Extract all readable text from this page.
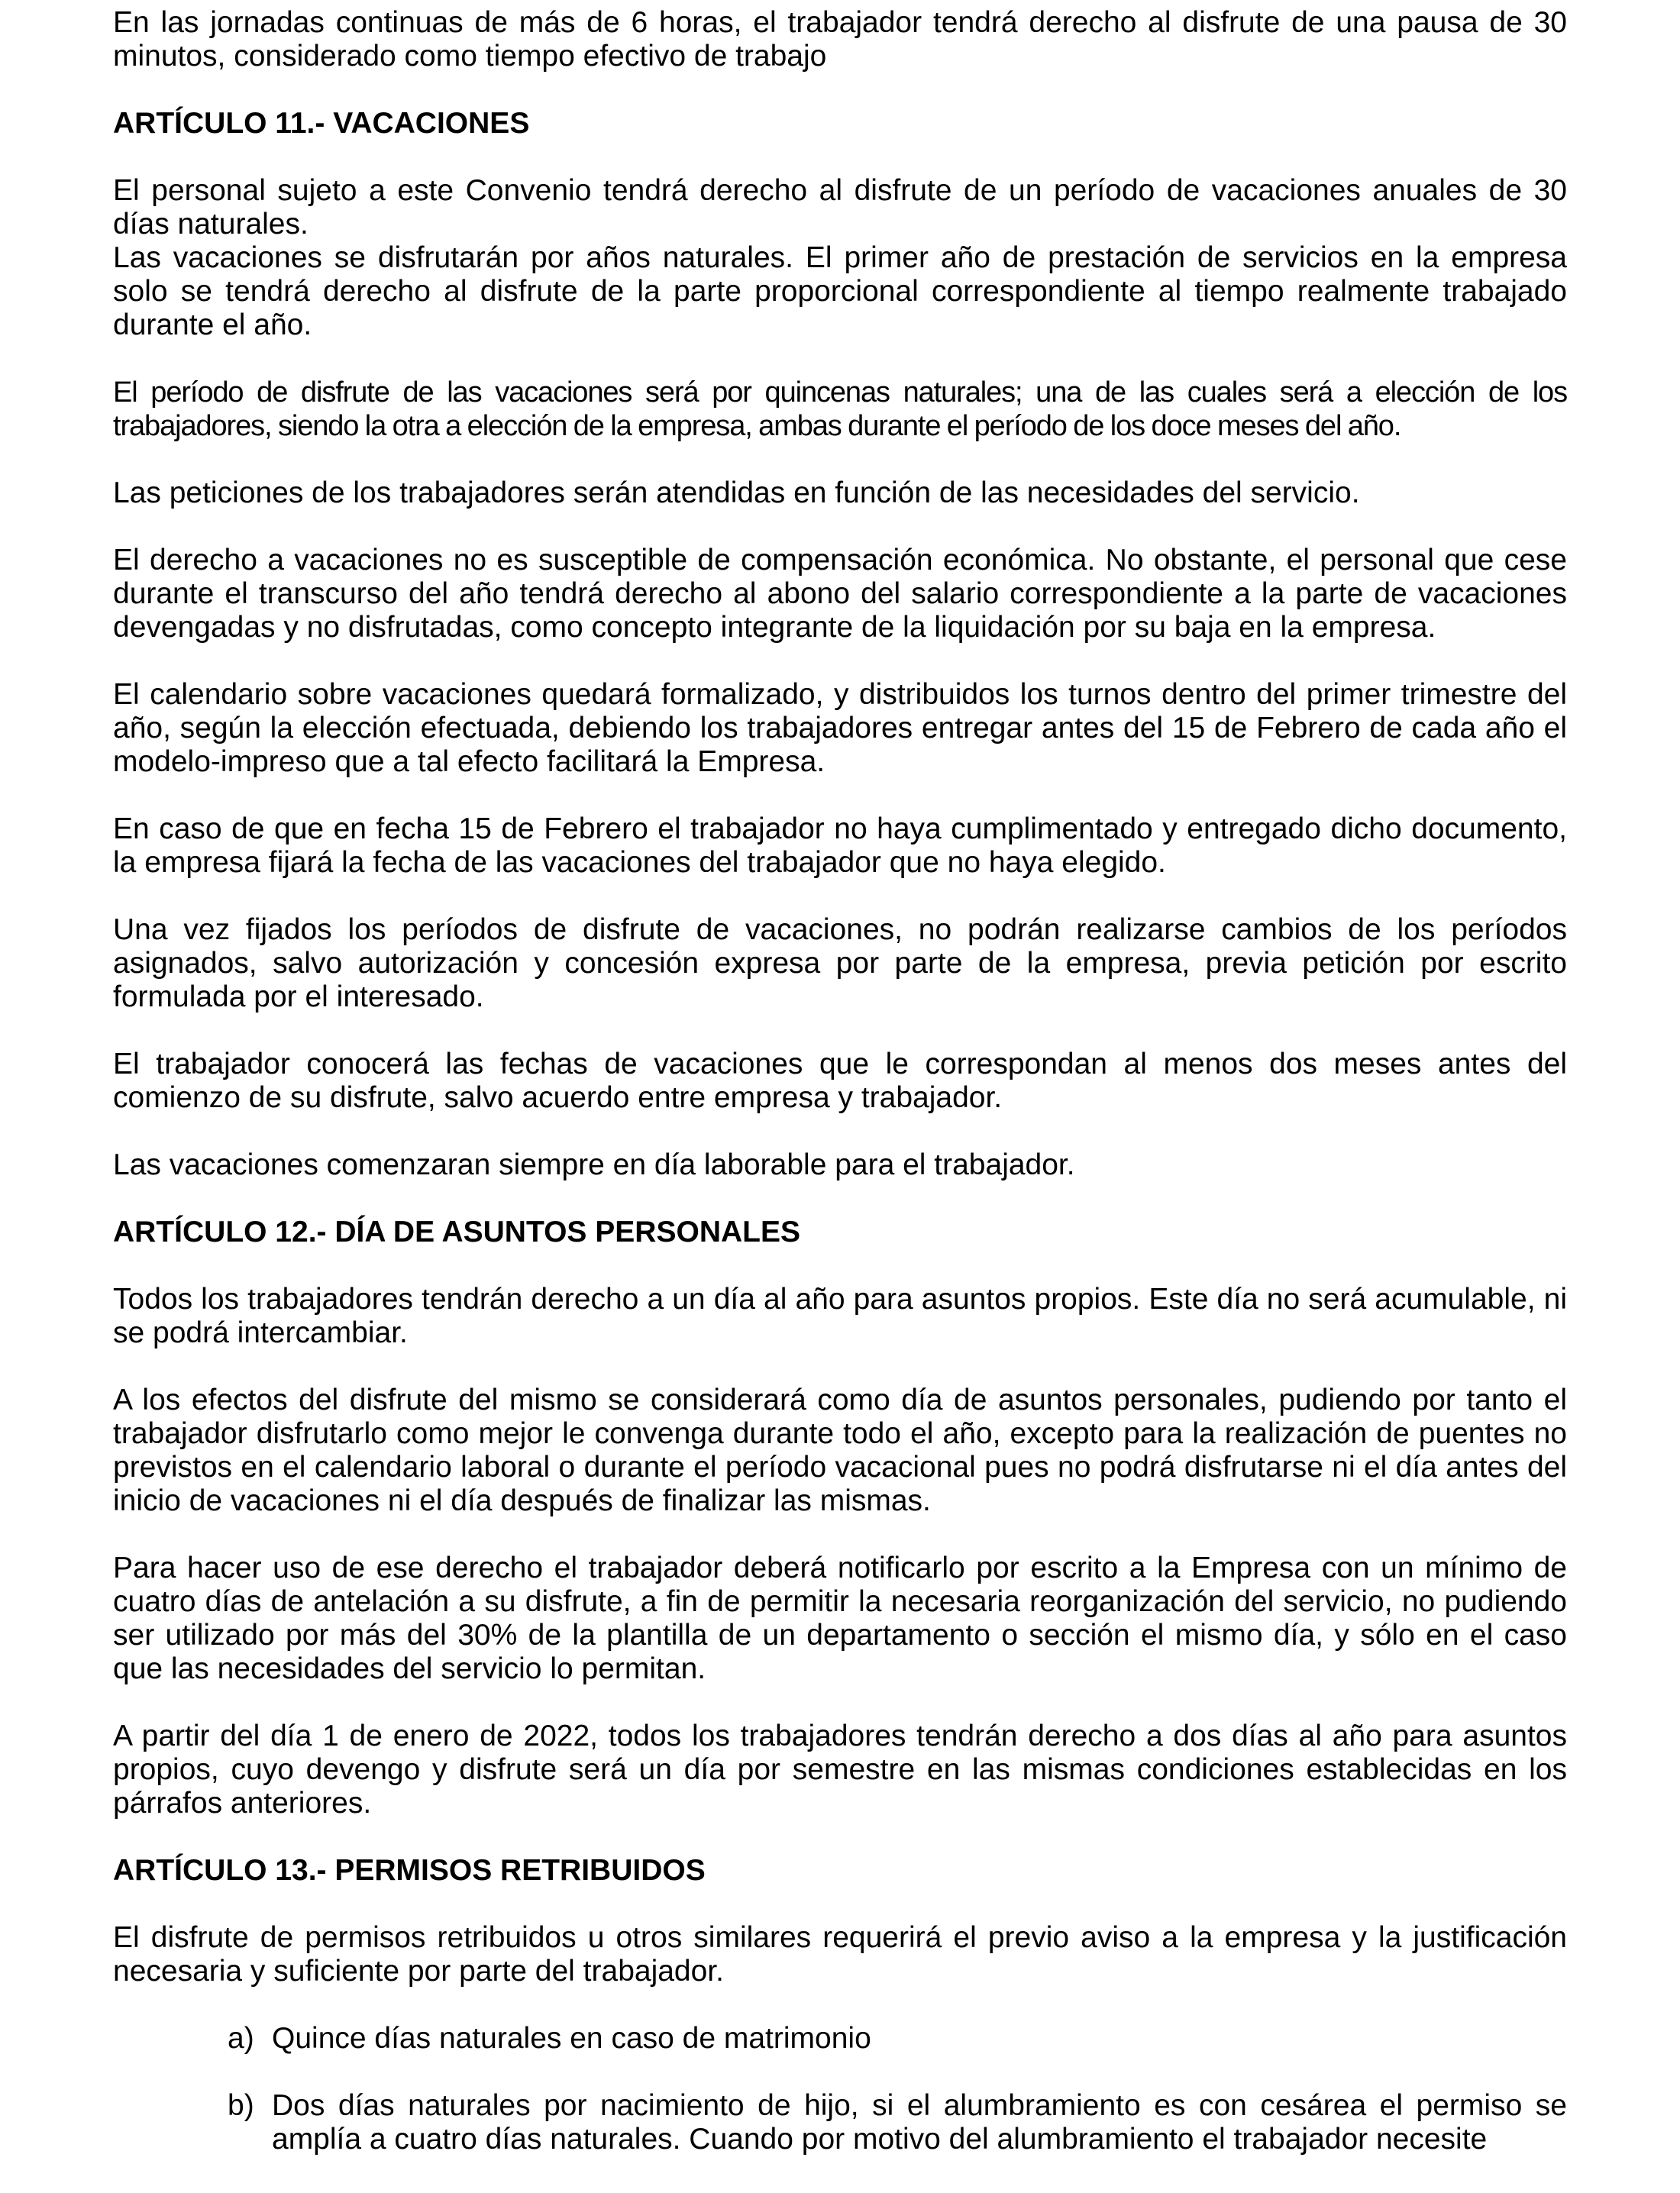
En las jornadas continuas de más de 6 horas, el trabajador tendrá derecho al disfrute de una pausa de 30 minutos, considerado como tiempo efectivo de trabajo
ARTÍCULO 11.- VACACIONES
El personal sujeto a este Convenio tendrá derecho al disfrute de un período de vacaciones anuales de 30 días naturales.
Las vacaciones se disfrutarán por años naturales. El primer año de prestación de servicios en la empresa solo se tendrá derecho al disfrute de la parte proporcional correspondiente al tiempo realmente trabajado durante el año.
El período de disfrute de las vacaciones será por quincenas naturales; una de las cuales será a elección de los trabajadores, siendo la otra a elección de la empresa, ambas durante el período de los doce meses del año.
Las peticiones de los trabajadores serán atendidas en función de las necesidades del servicio.
El derecho a vacaciones no es susceptible de compensación económica. No obstante, el personal que cese durante el transcurso del año tendrá derecho al abono del salario correspondiente a la parte de vacaciones devengadas y no disfrutadas, como concepto integrante de la liquidación por su baja en la empresa.
El calendario sobre vacaciones quedará formalizado, y distribuidos los turnos dentro del primer trimestre del año, según la elección efectuada, debiendo los trabajadores entregar antes del 15 de Febrero de cada año el modelo-impreso que a tal efecto facilitará la Empresa.
En caso de que en fecha 15 de Febrero el trabajador no haya cumplimentado y entregado dicho documento, la empresa fijará la fecha de las vacaciones del trabajador que no haya elegido.
Una vez fijados los períodos de disfrute de vacaciones, no podrán realizarse cambios de los períodos asignados, salvo autorización y concesión expresa por parte de la empresa, previa petición por escrito formulada por el interesado.
El trabajador conocerá las fechas de vacaciones que le correspondan al menos dos meses antes del comienzo de su disfrute, salvo acuerdo entre empresa y trabajador.
Las vacaciones comenzaran siempre en día laborable para el trabajador.
ARTÍCULO 12.- DÍA DE ASUNTOS PERSONALES
Todos los trabajadores tendrán derecho a un día al año para asuntos propios. Este día no será acumulable, ni se podrá intercambiar.
A los efectos del disfrute del mismo se considerará como día de asuntos personales, pudiendo por tanto el trabajador disfrutarlo como mejor le convenga durante todo el año, excepto para la realización de puentes no previstos en el calendario laboral o durante el período vacacional pues no podrá disfrutarse ni el día antes del inicio de vacaciones ni el día después de finalizar las mismas.
Para hacer uso de ese derecho el trabajador deberá notificarlo por escrito a la Empresa con un mínimo de cuatro días de antelación a su disfrute, a fin de permitir la necesaria reorganización del servicio, no pudiendo ser utilizado por más del 30% de la plantilla de un departamento o sección el mismo día, y sólo en el caso que las necesidades del servicio lo permitan.
A partir del día 1 de enero de 2022, todos los trabajadores tendrán derecho a dos días al año para asuntos propios, cuyo devengo y disfrute será un día por semestre en las mismas condiciones establecidas en los párrafos anteriores.
ARTÍCULO 13.- PERMISOS RETRIBUIDOS
El disfrute de permisos retribuidos u otros similares requerirá el previo aviso a la empresa y la justificación necesaria y suficiente por parte del trabajador.
a) Quince días naturales en caso de matrimonio
b) Dos días naturales por nacimiento de hijo, si el alumbramiento es con cesárea el permiso se amplía a cuatro días naturales. Cuando por motivo del alumbramiento el trabajador necesite
